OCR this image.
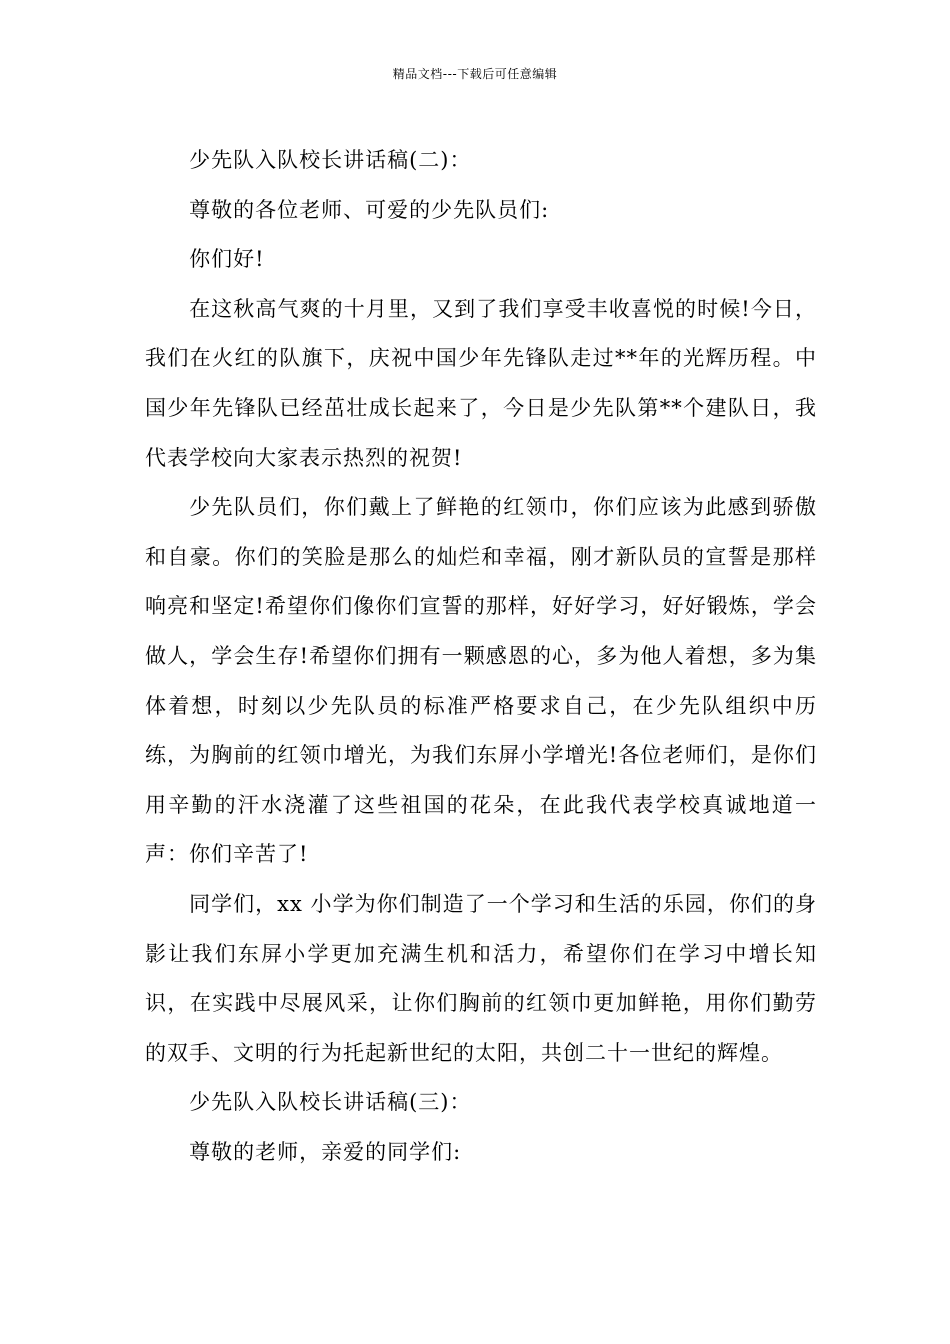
精品文档---下载后可任意编辑

少先队入队校长讲话稿(二)：

尊敬的各位老师、可爱的少先队员们:

你们好!

在这秋高气爽的十月里，又到了我们享受丰收喜悦的时候!今日，我们在火红的队旗下，庆祝中国少年先锋队走过**年的光辉历程。中国少年先锋队已经茁壮成长起来了，今日是少先队第**个建队日，我代表学校向大家表示热烈的祝贺!

少先队员们，你们戴上了鲜艳的红领巾，你们应该为此感到骄傲和自豪。你们的笑脸是那么的灿烂和幸福，刚才新队员的宣誓是那样响亮和坚定!希望你们像你们宣誓的那样，好好学习，好好锻炼，学会做人，学会生存!希望你们拥有一颗感恩的心，多为他人着想，多为集体着想，时刻以少先队员的标准严格要求自己，在少先队组织中历练，为胸前的红领巾增光，为我们东屏小学增光!各位老师们，是你们用辛勤的汗水浇灌了这些祖国的花朵，在此我代表学校真诚地道一声：你们辛苦了!

同学们，xx 小学为你们制造了一个学习和生活的乐园，你们的身影让我们东屏小学更加充满生机和活力，希望你们在学习中增长知识，在实践中尽展风采，让你们胸前的红领巾更加鲜艳，用你们勤劳的双手、文明的行为托起新世纪的太阳，共创二十一世纪的辉煌。

少先队入队校长讲话稿(三)：

尊敬的老师，亲爱的同学们:
